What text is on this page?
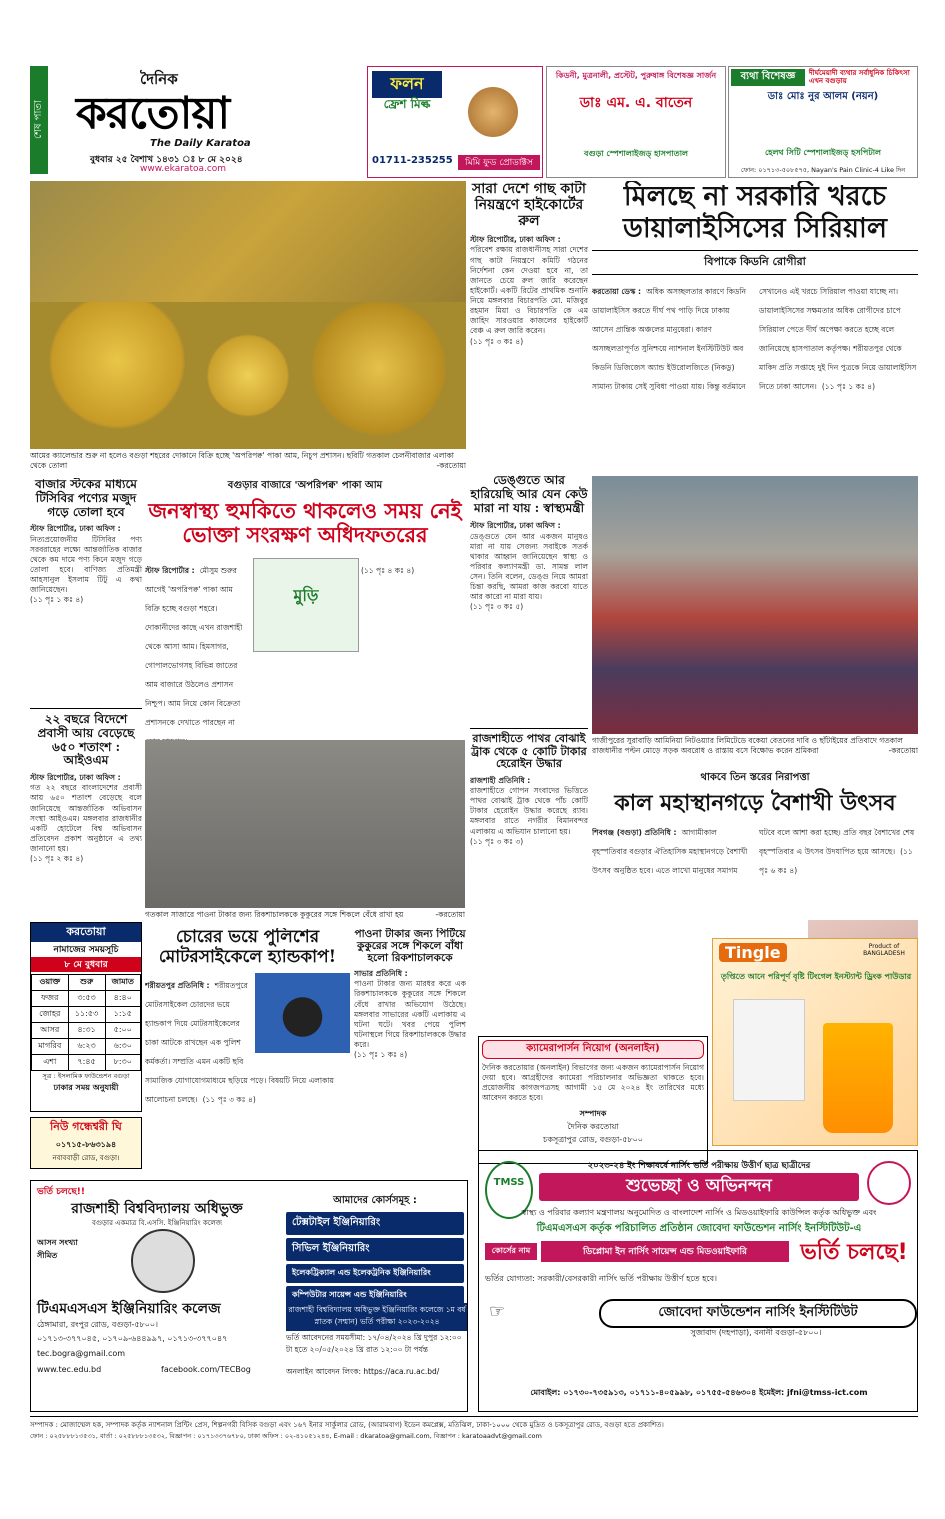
শেষ পাতা
দৈনিক
করতোয়া
The Daily Karatoa
বুধবার ২৫ বৈশাখ ১৪৩১ ঃ ৮ মে ২০২৪
www.ekaratoa.com
ফলন
ফ্রেশ মিল্ক
01711-235255	মিমি ফুড প্রোডাক্টস
কিডনী, মুত্রনালী, প্রস্টেট, পুরুষাঙ্গ বিশেষজ্ঞ সার্জন
ডাঃ এম. এ. বাতেন
বগুড়া স্পেশালাইজড্ হাসপাতাল
ব্যথা বিশেষজ্ঞ	দীর্ঘমেয়াদী ব্যথার সর্বাধুনিক চিকিৎসা এখন বগুড়ায়
ডাঃ মোঃ নুর আলম (নয়ন)
হেলথ সিটি স্পেশালাইজড্ হসপিটাল
ফোন: ০১৭১৩-৫০৮৫৭৫, Nayan's Pain Clinic-4 Like দিন
আমের ক্যালেন্ডার শুরু না হলেও বগুড়া শহরের দোকানে বিক্রি হচ্ছে 'অপরিপক্ব' পাকা আম, নিচুপ প্রশাসন। ছবিটি গতকাল চেলনীবাজার এলাকা থেকে তোলা	-করতোয়া
সারা দেশে গাছ কাটা নিয়ন্ত্রণে হাইকোর্টের রুল
স্টাফ রিপোর্টার, ঢাকা অফিস :
পরিবেশ রক্ষায় রাজধানীসহ সারা দেশের গাছ কাটা নিয়ন্ত্রণে কমিটি গঠনের নির্দেশনা কেন দেওয়া হবে না, তা জানতে চেয়ে রুল জারি করেছেন হাইকোর্ট। একটি রিটের প্রাথমিক শুনানি নিয়ে মঙ্গলবার বিচারপতি মো. মজিবুর রহমান মিয়া ও বিচারপতি কে এম জাহিদ সারওয়ার কাজলের হাইকোর্ট বেঞ্চ এ রুল জারি করেন।
(১১ পৃঃ ৩ কঃ ৪)
মিলছে না সরকারি খরচে ডায়ালাইসিসের সিরিয়াল
বিপাকে কিডনি রোগীরা
করতোয়া ডেস্ক : অধিক অসচ্ছলতার কারণে কিডনি ডায়ালাইসিস করতে দীর্ঘ পথ পাড়ি দিয়ে ঢাকায় আসেন প্রান্তিক অঞ্চলের মানুষেরা। কারণ অসচ্ছলতাপূর্ণত সুনিশ্চয়ে ন্যাশনাল ইনস্টিটিউট অব কিডনি ডিজিজেস অ্যান্ড ইউরোলজিতে (নিকডু) সামান্য টাকায় সেই সুবিধা পাওয়া যায়। কিন্তু বর্তমানে সেখানেও এই খরচে সিরিয়াল পাওয়া যাচ্ছে না। ডায়ালাইসিসের সক্ষমতার অধিক রোগীদের চাপে সিরিয়াল পেতে দীর্ঘ অপেক্ষা করতে হচ্ছে বলে জানিয়েছে হাসপাতাল কর্তৃপক্ষ। শরীয়তপুর থেকে মাকিদ প্রতি সপ্তাহে দুই দিন পুত্রকে নিয়ে ডায়ালাইসিস নিতে ঢাকা আসেন। (১১ পৃঃ ১ কঃ ৪)
ডেঙ্গুতে আর হারিয়েছি আর যেন কেউ মারা না যায় : স্বাস্থ্যমন্ত্রী
স্টাফ রিপোর্টার, ঢাকা অফিস :
ডেঙ্গুতে যেন আর একজন মানুষও মারা না যায় সেজন্য সবাইকে সতর্ক থাকার আহ্বান জানিয়েছেন স্বাস্থ্য ও পরিবার কল্যাণমন্ত্রী ডা. সামন্ত লাল সেন। তিনি বলেন, ডেঙ্গু নিয়ে আমরা চিন্তা করছি, আমরা কাজ করবো যাতে আর কারো না মারা যায়।
(১১ পৃঃ ৩ কঃ ৫)
গাজীপুরের সুরাবাড়ি আমিনিয়া নিটওয়্যার লিমিটেডে বকেয়া বেতনের দাবি ও ছাঁটাইয়ের প্রতিবাদে গতকাল রাজধানীর পল্টন মোড়ে সড়ক অবরোধ ও রাস্তায় বসে বিক্ষোভ করেন শ্রমিকরা	-করতোয়া
বাজার স্টকের মাধ্যমে টিসিবির পণ্যের মজুদ গড়ে তোলা হবে
স্টাফ রিপোর্টার, ঢাকা অফিস :
নিত্যপ্রয়োজনীয় টিসিবির পণ্য সরবরাহের লক্ষ্যে আন্তর্জাতিক বাজার থেকে কম দামে পণ্য কিনে মজুদ গড়ে তোলা হবে। বাণিজ্য প্রতিমন্ত্রী আহসানুল ইসলাম টিটু এ কথা জানিয়েছেন।
(১১ পৃঃ ১ কঃ ৪)
২২ বছরে বিদেশে প্রবাসী আয় বেড়েছে ৬৫০ শতাংশ : আইওএম
স্টাফ রিপোর্টার, ঢাকা অফিস :
গত ২২ বছরে বাংলাদেশের প্রবাসী আয় ৬৫০ শতাংশ বেড়েছে বলে জানিয়েছে আন্তর্জাতিক অভিবাসন সংস্থা আইওএম। মঙ্গলবার রাজধানীর একটি হোটেলে বিশ্ব অভিবাসন প্রতিবেদন প্রকাশ অনুষ্ঠানে এ তথ্য জানানো হয়।
(১১ পৃঃ ২ কঃ ৪)
বগুড়ার বাজারে 'অপরিপক্ব' পাকা আম
জনস্বাস্থ্য হুমকিতে থাকলেও সময় নেই ভোক্তা সংরক্ষণ অধিদফতরের
মুড়ি
স্টাফ রিপোর্টার : মৌসুম শুরুর আগেই 'অপরিপক্ব' পাকা আম বিক্রি হচ্ছে বগুড়া শহরে। দোকানীদের কাছে এখন রাজশাহী থেকে আসা আম। হিমসাগর, গোপালভোগসহ বিভিন্ন জাতের আম বাজারে উঠলেও প্রশাসন নিশ্চুপ। আম নিয়ে কোন বিক্রেতা প্রশাসনকে দেখাতে পারছেন না
(১১ পৃঃ ৪ কঃ ৪)
গতকাল সাজারে পাওনা টাকার জন্য রিকশাচালককে কুকুরের সঙ্গে শিকলে বেঁধে রাখা হয়	-করতোয়া
রাজশাহীতে পাথর বোঝাই ট্রাক থেকে ৫ কোটি টাকার হেরোইন উদ্ধার
রাজশাহী প্রতিনিধি :
রাজশাহীতে গোপন সংবাদের ভিত্তিতে পাথর বোঝাই ট্রাক থেকে পাঁচ কোটি টাকার হেরোইন উদ্ধার করেছে র‌্যাব। মঙ্গলবার রাতে নগরীর বিমানবন্দর এলাকায় এ অভিযান চালানো হয়।
(১১ পৃঃ ৩ কঃ ৩)
থাকবে তিন স্তরের নিরাপত্তা
কাল মহাস্থানগড়ে বৈশাখী উৎসব
শিবগঞ্জ (বগুড়া) প্রতিনিধি : আগামীকাল বৃহস্পতিবার বগুড়ার ঐতিহাসিক মহাস্থানগড়ে বৈশাখী উৎসব অনুষ্ঠিত হবে। এতে লাখো মানুষের সমাগম ঘটবে বলে আশা করা হচ্ছে। প্রতি বছর বৈশাখের শেষ বৃহস্পতিবার এ উৎসব উদযাপিত হয়ে আসছে। (১১ পৃঃ ৬ কঃ ৪)
করতোয়া
নামাজের সময়সূচি
৮ মে বুধবার
ওয়াক্ত	শুরু	জামাত
ফজর	৩:৫৩	৪:৪০
জোহর	১১:৫৩	১:১৫
আসর	৪:৩১	৫:০০
মাগরিব	৬:২৩	৬:৩০
এশা	৭:৪৫	৮:৩০
সূত্র : ইসলামিক ফাউন্ডেশন বগুড়া
ঢাকার সময় অনুযায়ী
নিউ গন্ধেশ্বরী ঘি
০১৭১৫-৮৬৩১৯৪
নবাববাড়ী রোড, বগুড়া।
চোরের ভয়ে পুলিশের মোটরসাইকেলে হ্যান্ডকাপ!
শরীয়তপুর প্রতিনিধি : শরীয়তপুরে মোটরসাইকেল চোরদের ভয়ে হ্যান্ডকাপ দিয়ে মোটরসাইকেলের চাকা আটকে রাখছেন এক পুলিশ কর্মকর্তা। সম্প্রতি এমন একটি ছবি সামাজিক যোগাযোগমাধ্যমে ছড়িয়ে পড়ে। বিষয়টি নিয়ে এলাকায় আলোচনা চলছে। (১১ পৃঃ ৩ কঃ ৪)
পাওনা টাকার জন্য পিটিয়ে কুকুরের সঙ্গে শিকলে বাঁধা হলো রিকশাচালককে
সাভার প্রতিনিধি :
পাওনা টাকার জন্য মারধর করে এক রিকশাচালককে কুকুরের সঙ্গে শিকলে বেঁধে রাখার অভিযোগ উঠেছে। মঙ্গলবার সাভারের একটি এলাকায় এ ঘটনা ঘটে। খবর পেয়ে পুলিশ ঘটনাস্থলে গিয়ে রিকশাচালককে উদ্ধার করে।
(১১ পৃঃ ১ কঃ ৪)
ক্যামেরাপার্সন নিয়োগ (অনলাইন)
দৈনিক করতোয়ার (অনলাইন) বিভাগের জন্য একজন ক্যামেরাপার্সন নিয়োগ দেয়া হবে। আগ্রহীদের ক্যামেরা পরিচালনার অভিজ্ঞতা থাকতে হবে। প্রয়োজনীয় কাগজপত্রসহ আগামী ১৫ মে ২০২৪ ইং তারিখের মধ্যে আবেদন করতে হবে।
সম্পাদক
দৈনিক করতোয়া
চকসূত্রাপুর রোড, বগুড়া-৫৮০০
Tingle	Product of BANGLADESH
তৃপ্তিতে আনে পরিপূর্ণ বৃষ্টি টিংগেল ইনস্ট্যান্ট ড্রিংক পাউডার
ভর্তি চলছে!!
রাজশাহী বিশ্ববিদ্যালয় অধিভুক্ত
বগুড়ার একমাত্র বি.এসসি. ইঞ্জিনিয়ারিং কলেজ
আসন সংখ্যা সীমিত
টিএমএসএস ইঞ্জিনিয়ারিং কলেজ
ঠেঙ্গামারা, রংপুর রোড, বগুড়া-৫৮০০।
০১৭১৩-৩৭৭০৪৫, ০১৭০৯-৬৪৪৯৯৭, ০১৭১৩-৩৭৭০৪৭
tec.bogra@gmail.com
www.tec.edu.bd	facebook.com/TECBog
আমাদের কোর্সসমূহ :
টেক্সটাইল ইঞ্জিনিয়ারিং
সিভিল ইঞ্জিনিয়ারিং
ইলেকট্রিক্যাল এন্ড ইলেকট্রনিক ইঞ্জিনিয়ারিং
কম্পিউটার সায়েন্স এন্ড ইঞ্জিনিয়ারিং
রাজশাহী বিশ্ববিদ্যালয় অধিভুক্ত ইঞ্জিনিয়ারিং কলেজে ১ম বর্ষ স্নাতক (সম্মান) ভর্তি পরীক্ষা ২০২৩-২০২৪
ভর্তি আবেদনের সময়সীমা: ১৭/০৪/২০২৪ খ্রি দুপুর ১২:০০ টা হতে ২০/০৫/২০২৪ খ্রি রাত ১২:০০ টা পর্যন্ত
অনলাইন আবেদন লিংক: https://aca.ru.ac.bd/
TMSS
২০২৩-২৪ ইং শিক্ষাবর্ষে নার্সিং ভর্তি পরীক্ষায় উত্তীর্ণ ছাত্র ছাত্রীদের
শুভেচ্ছা ও অভিনন্দন
স্বাস্থ্য ও পরিবার কল্যাণ মন্ত্রণালয় অনুমোদিত ও বাংলাদেশ নার্সিং ও মিডওয়াইফারি কাউন্সিল কর্তৃক অধিভুক্ত এবং
টিএমএসএস কর্তৃক পরিচালিত প্রতিষ্ঠান জোবেদা ফাউন্ডেশন নার্সিং ইনস্টিটিউট-এ
কোর্সের নাম	ডিপ্লোমা ইন নার্সিং সায়েন্স এন্ড মিডওয়াইফারি	ভর্তি চলছে!
ভর্তির যোগ্যতা: সরকারী/বেসরকারী নার্সিং ভর্তি পরীক্ষায় উত্তীর্ণ হতে হবে।
☞	জোবেদা ফাউন্ডেশন নার্সিং ইনস্টিটিউট
সুজাবাদ (দহপাড়া), বনানী বগুড়া-৫৮০০।
মোবাইল: ০১৭৩০-৭৩৫৯১৩, ০১৭১১-৪০৫৯৯৮, ০১৭৫৫-৫৪৬৩০৪ ইমেইল: jfni@tmss-ict.com
সম্পাদক : মোজাম্মেল হক, সম্পাদক কর্তৃক ন্যাশনাল প্রিন্টিং প্রেস, শিল্পনগরী বিসিক বগুড়া এবং ১৬৭ ইনার সার্কুলার রোড, (আরামবাগ) ইডেন কমপ্লেক্স, মতিঝিল, ঢাকা-১০০০ থেকে মুদ্রিত ও চকসূত্রাপুর রোড, বগুড়া হতে প্রকাশিত।
ফোন : ০২৫৮৮৮১৩৫৩১, বার্তা : ০২৫৮৮৮১৩৫৩২, বিজ্ঞাপন : ০১৭১৩৩৭৬৭৮০, ঢাকা অফিস : ০২-৪১০৫১২৪৪, E-mail : dkaratoa@gmail.com, বিজ্ঞাপন : karatoaadvt@gmail.com
